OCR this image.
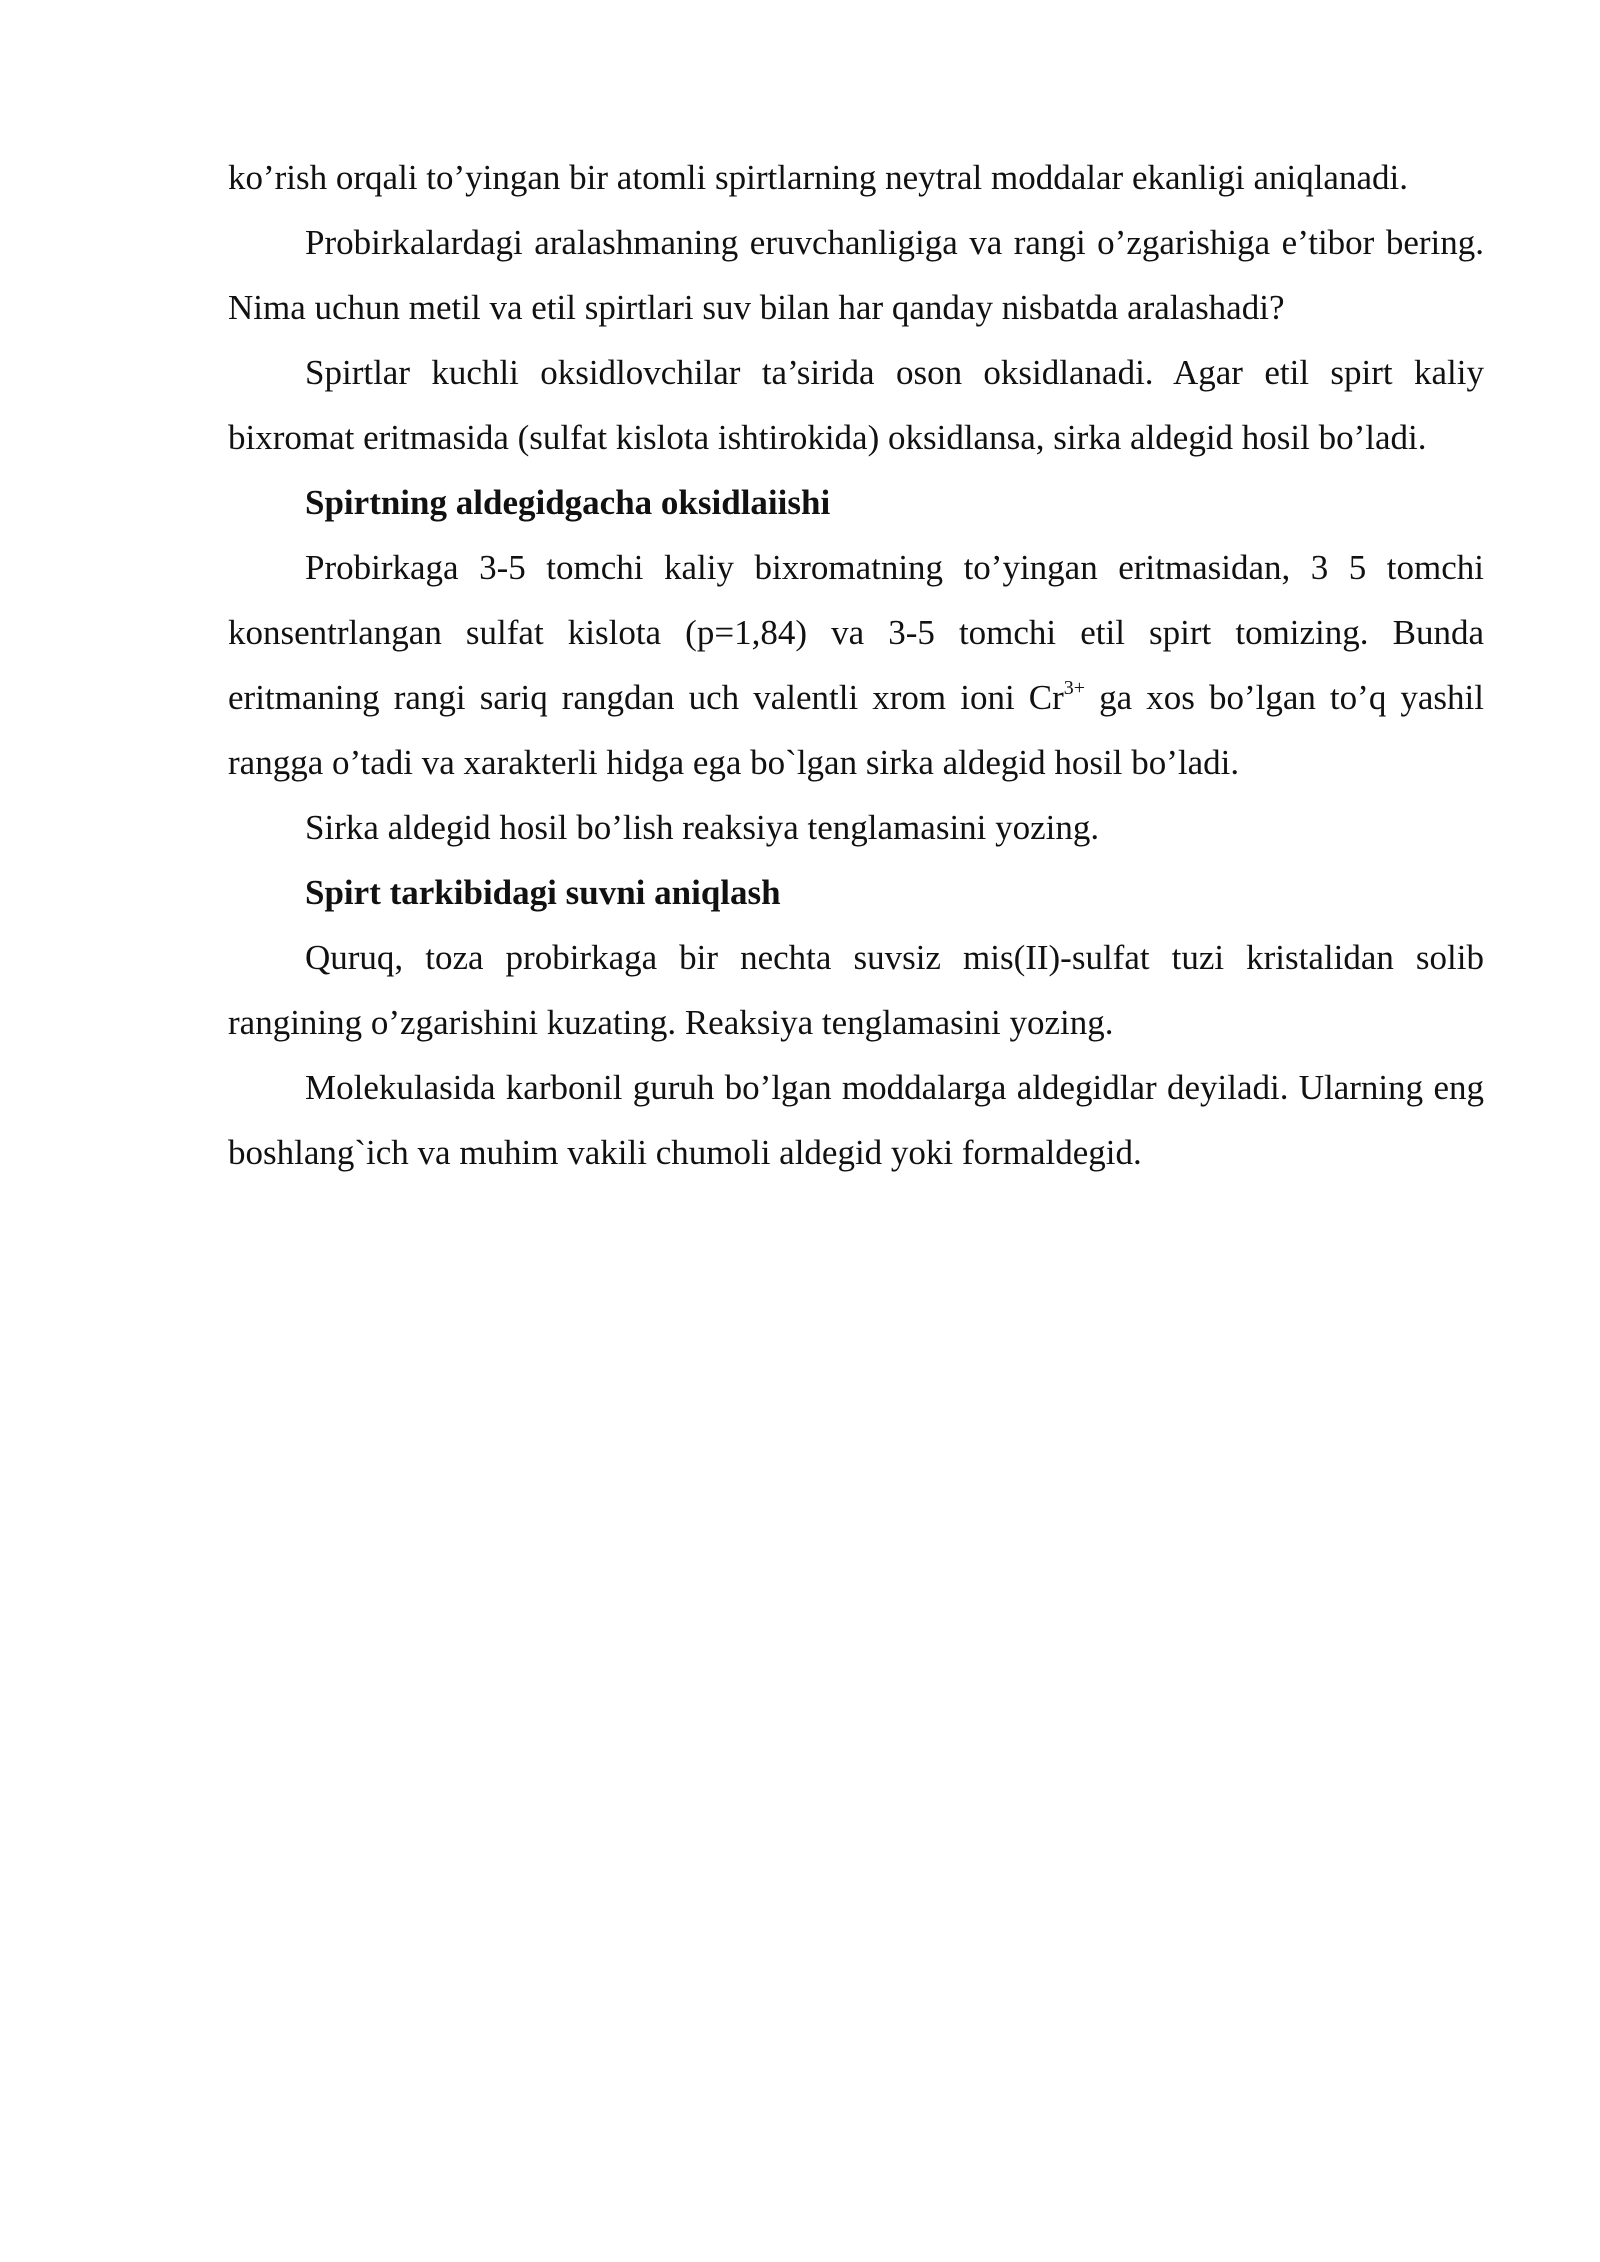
ko’rish orqali to’yingan bir atomli spirtlarning neytral moddalar ekanligi aniqlanadi.

Probirkalardagi aralashmaning eruvchanligiga va rangi o’zgarishiga e’tibor bering. Nima uchun metil va etil spirtlari suv bilan har qanday nisbatda aralashadi?

Spirtlar kuchli oksidlovchilar ta’sirida oson oksidlanadi. Agar etil spirt kaliy bixromat eritmasida (sulfat kislota ishtirokida) oksidlansa, sirka aldegid hosil bo’ladi.

Spirtning aldegidgacha oksidlaiishi

Probirkaga 3-5 tomchi kaliy bixromatning to’yingan eritmasidan, 3 5 tomchi konsentrlangan sulfat kislota (p=1,84) va 3-5 tomchi etil spirt tomizing. Bunda eritmaning rangi sariq rangdan uch valentli xrom ioni $Cr^{3+}$ ga xos bo’lgan to’q yashil rangga o’tadi va xarakterli hidga ega bo`lgan sirka aldegid hosil bo’ladi.

Sirka aldegid hosil bo’lish reaksiya tenglamasini yozing.

Spirt tarkibidagi suvni aniqlash

Quruq, toza probirkaga bir nechta suvsiz mis(II)-sulfat tuzi kristalidan solib rangining o’zgarishini kuzating. Reaksiya tenglamasini yozing.

Molekulasida karbonil guruh bo’lgan moddalarga aldegidlar deyiladi. Ularning eng boshlang`ich va muhim vakili chumoli aldegid yoki formaldegid.
